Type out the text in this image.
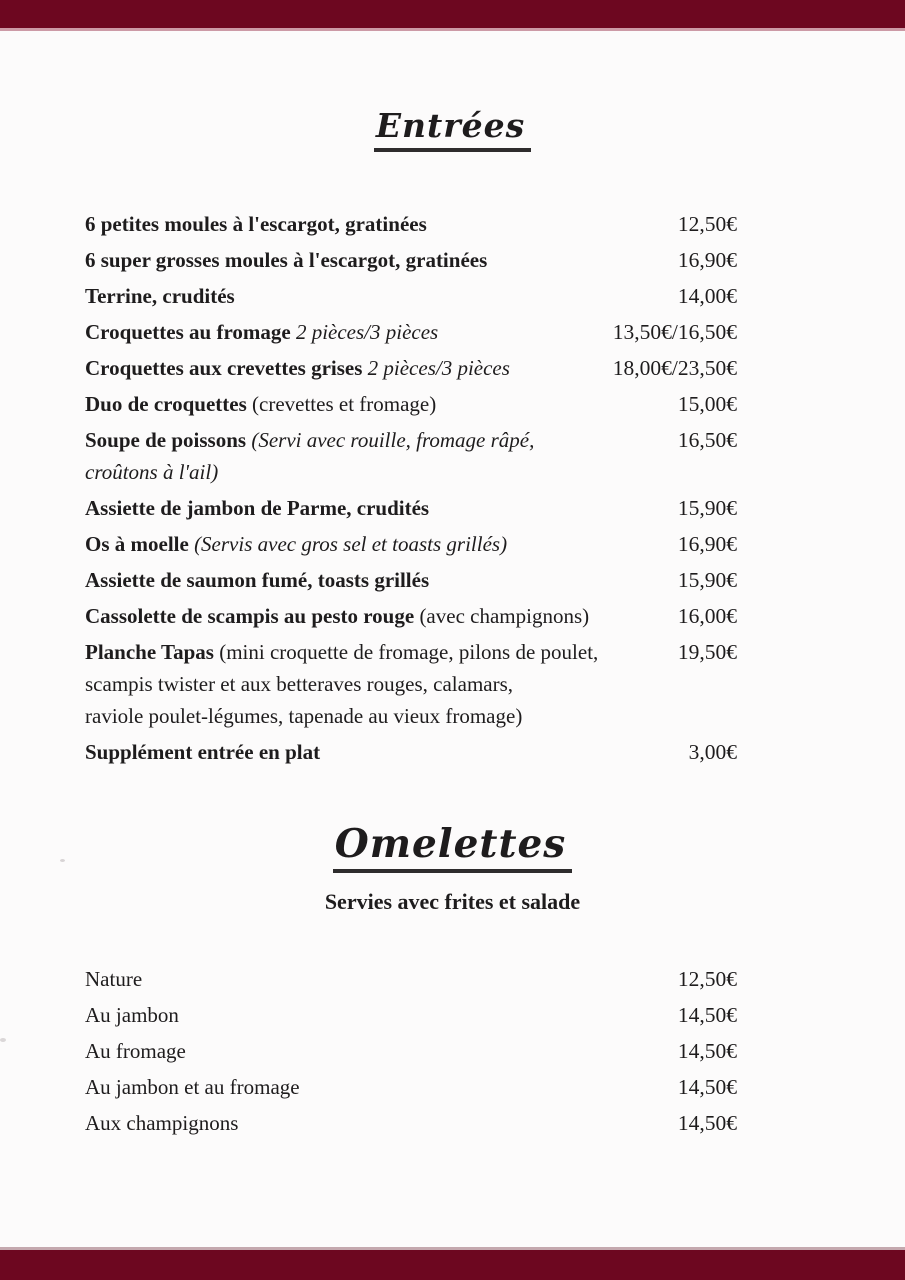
Entrées
6 petites moules à l'escargot, gratinées	12,50€
6 super grosses moules à l'escargot, gratinées	16,90€
Terrine, crudités	14,00€
Croquettes au fromage 2 pièces/3 pièces	13,50€/16,50€
Croquettes aux crevettes grises 2 pièces/3 pièces	18,00€/23,50€
Duo de croquettes (crevettes et fromage)	15,00€
Soupe de poissons (Servi avec rouille, fromage râpé,
croûtons à l'ail)
16,50€
Assiette de jambon de Parme, crudités	15,90€
Os à moelle (Servis avec gros sel et toasts grillés)	16,90€
Assiette de saumon fumé, toasts grillés	15,90€
Cassolette de scampis au pesto rouge (avec champignons)	16,00€
Planche Tapas (mini croquette de fromage, pilons de poulet,
scampis twister et aux betteraves rouges, calamars,
raviole poulet-légumes, tapenade au vieux fromage)
19,50€
Supplément entrée en plat	3,00€
Omelettes
Servies avec frites et salade
Nature	12,50€
Au jambon	14,50€
Au fromage	14,50€
Au jambon et au fromage	14,50€
Aux champignons	14,50€
